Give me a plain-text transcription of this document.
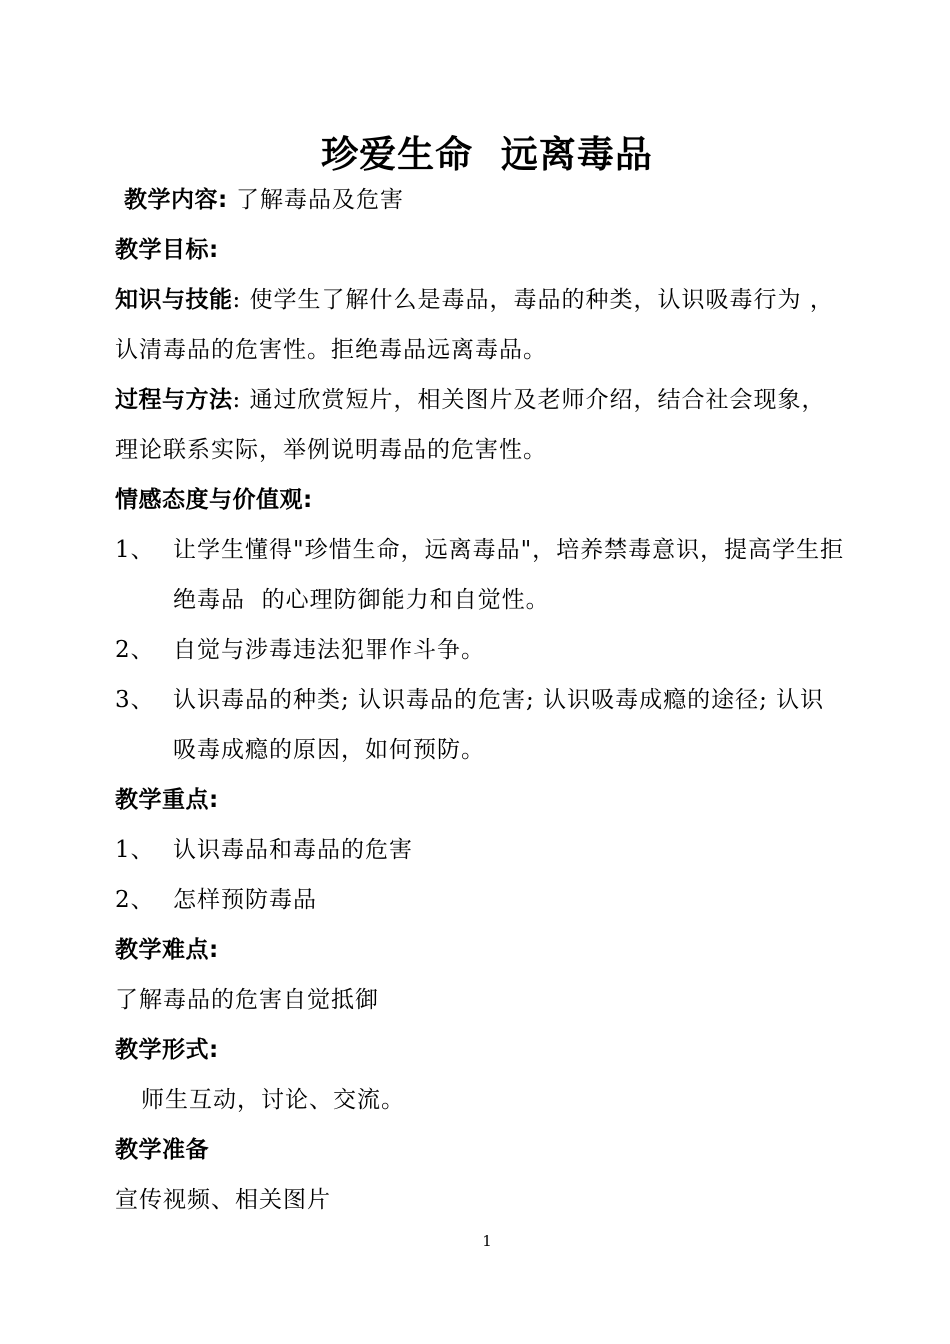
珍爱生命  远离毒品
教学内容: 了解毒品及危害
教学目标:
知识与技能: 使学生了解什么是毒品，毒品的种类，认识吸毒行为 ，
认清毒品的危害性。拒绝毒品远离毒品。
过程与方法: 通过欣赏短片，相关图片及老师介绍，结合社会现象，
理论联系实际，举例说明毒品的危害性。
情感态度与价值观:
1、 让学生懂得"珍惜生命，远离毒品"，培养禁毒意识，提高学生拒
绝毒品  的心理防御能力和自觉性。
2、 自觉与涉毒违法犯罪作斗争。
3、 认识毒品的种类; 认识毒品的危害; 认识吸毒成瘾的途径; 认识
吸毒成瘾的原因，如何预防。
教学重点:
1、 认识毒品和毒品的危害
2、 怎样预防毒品
教学难点:
了解毒品的危害自觉抵御
教学形式:
师生互动，讨论、交流。
教学准备
宣传视频、相关图片
1
